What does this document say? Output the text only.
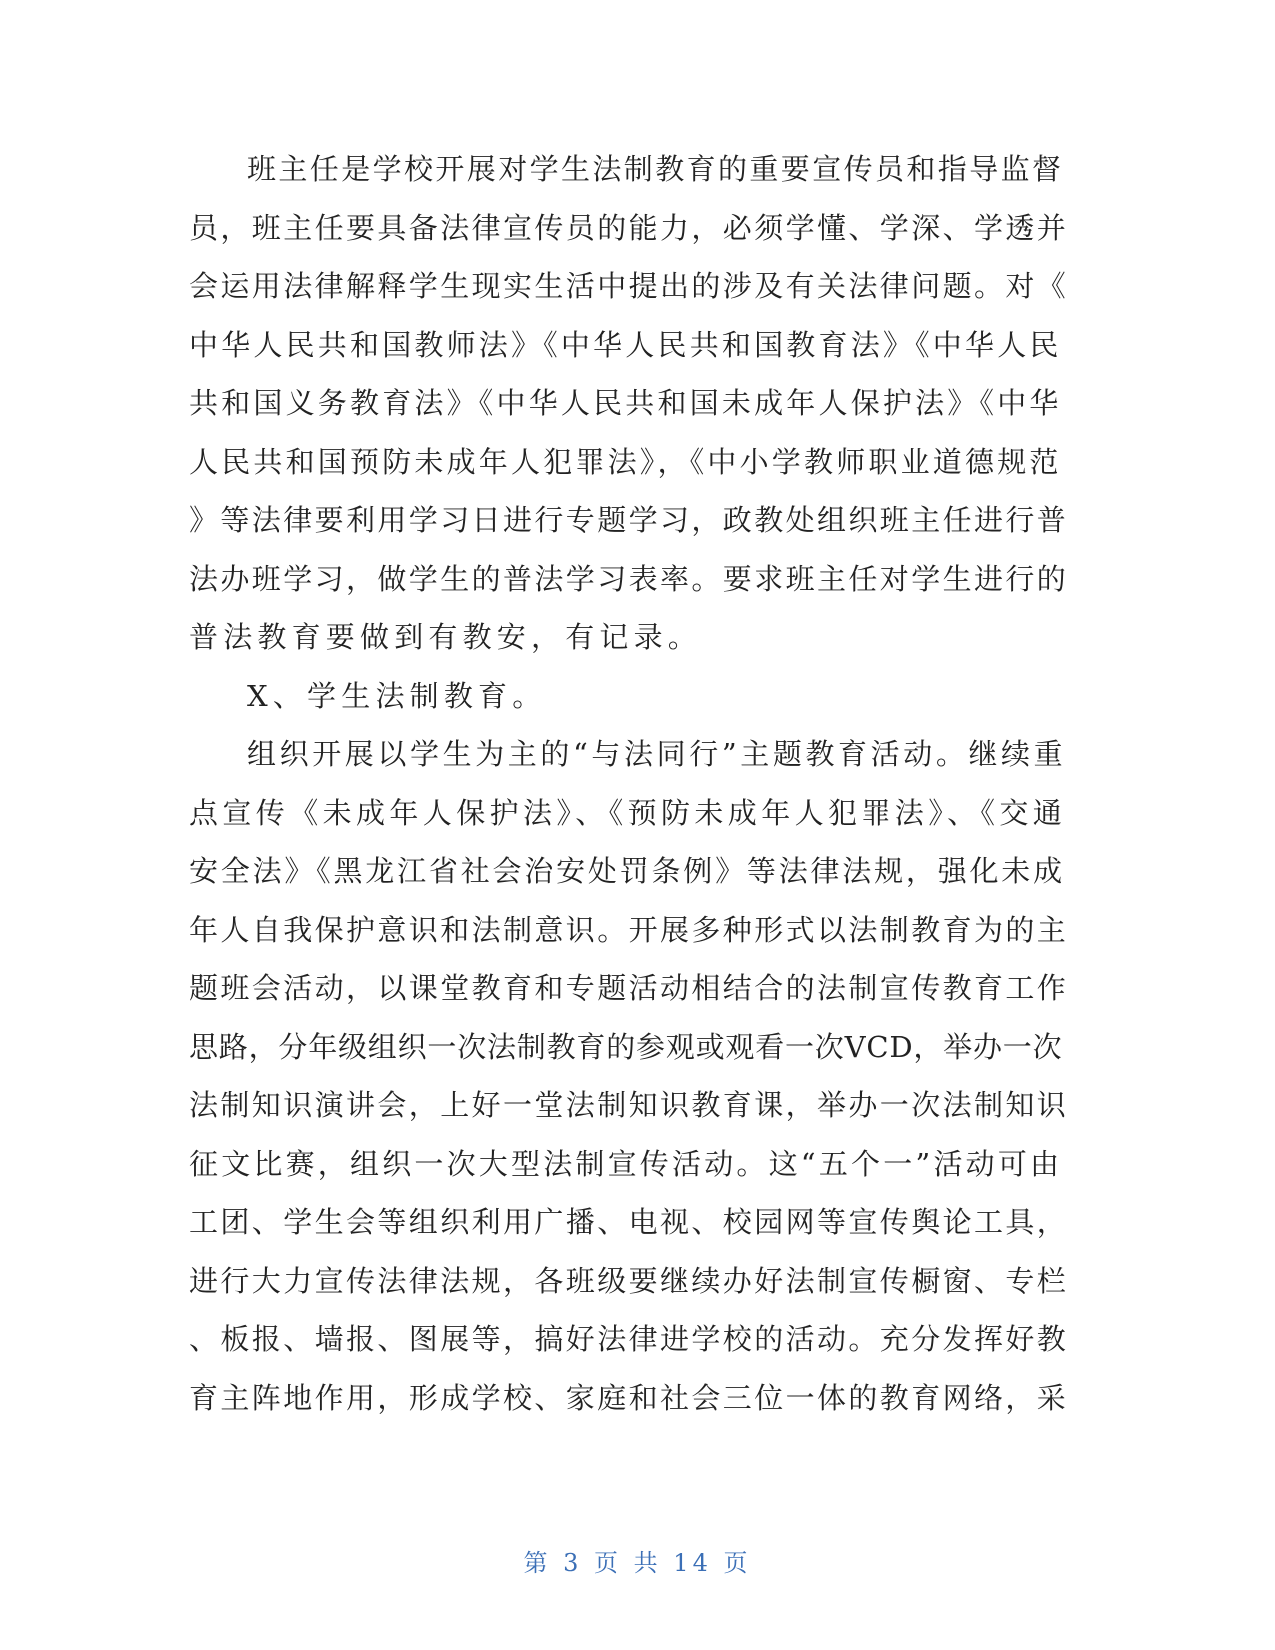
班主任是学校开展对学生法制教育的重要宣传员和指导监督
员，班主任要具备法律宣传员的能力，必须学懂、学深、学透并
会运用法律解释学生现实生活中提出的涉及有关法律问题。对《
中华人民共和国教师法》《中华人民共和国教育法》《中华人民
共和国义务教育法》《中华人民共和国未成年人保护法》《中华
人民共和国预防未成年人犯罪法》，《中小学教师职业道德规范
》等法律要利用学习日进行专题学习，政教处组织班主任进行普
法办班学习，做学生的普法学习表率。要求班主任对学生进行的
普法教育要做到有教安，有记录。
X、学生法制教育。
组织开展以学生为主的“与法同行”主题教育活动。继续重
点宣传《未成年人保护法》、《预防未成年人犯罪法》、《交通
安全法》《黑龙江省社会治安处罚条例》等法律法规，强化未成
年人自我保护意识和法制意识。开展多种形式以法制教育为的主
题班会活动，以课堂教育和专题活动相结合的法制宣传教育工作
思路，分年级组织一次法制教育的参观或观看一次VCD，举办一次
法制知识演讲会，上好一堂法制知识教育课，举办一次法制知识
征文比赛，组织一次大型法制宣传活动。这“五个一”活动可由
工团、学生会等组织利用广播、电视、校园网等宣传舆论工具，
进行大力宣传法律法规，各班级要继续办好法制宣传橱窗、专栏
、板报、墙报、图展等，搞好法律进学校的活动。充分发挥好教
育主阵地作用，形成学校、家庭和社会三位一体的教育网络，采
第 3 页 共 14 页
